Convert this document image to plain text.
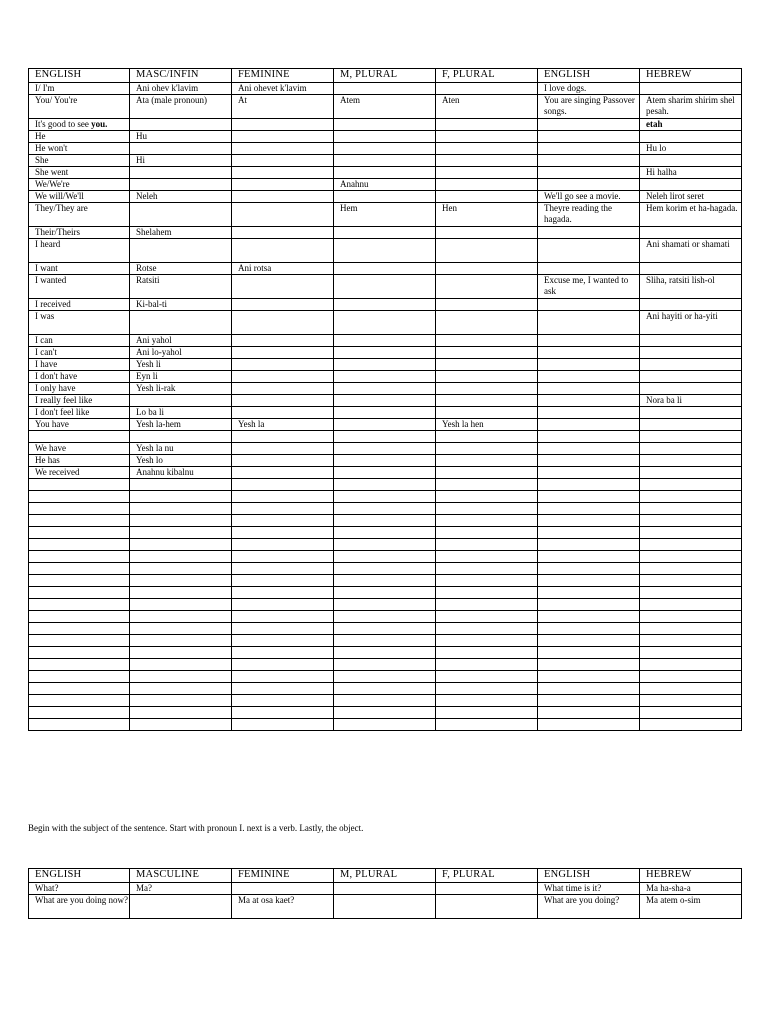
ENGLISH	MASC/INFIN	FEMININE	M, PLURAL	F, PLURAL	ENGLISH	HEBREW
I/ I'm	Ani ohev k'lavim	Ani ohevet k'lavim			I love dogs.	
You/ You're	Ata (male pronoun)	At	Atem	Aten	You are singing Passover songs.	Atem sharim shirim shel pesah.
It's good to see you.						etah
He	Hu					
He won't						Hu lo
She	Hi					
She went						Hi halha
We/We're			Anahnu			
We will/We'll	Neleh				We'll go see a movie.	Neleh lirot seret
They/They are			Hem	Hen	Theyre reading the hagada.	Hem korim et ha-hagada.
Their/Theirs	Shelahem					
I heard						Ani shamati or shamati
I want	Rotse	Ani rotsa				
I wanted	Ratsiti				Excuse me, I wanted to ask	Sliha, ratsiti lish-ol
I received	Ki-bal-ti					
I was						Ani hayiti or ha-yiti
I can	Ani yahol					
I can't	Ani lo-yahol					
I have	Yesh li					
I don't have	Eyn li					
I only have	Yesh li-rak					
I really feel like						Nora ba li
I don't feel like	Lo ba li					
You have	Yesh la-hem	Yesh la		Yesh la hen		

We have	Yesh la nu					
He has	Yesh lo					
We received	Anahnu kibalnu					

Begin with the subject of the sentence. Start with pronoun I. next is a verb. Lastly, the object.
ENGLISH	MASCULINE	FEMININE	M, PLURAL	F, PLURAL	ENGLISH	HEBREW
What?	Ma?				What time is it?	Ma ha-sha-a
What are you doing now?		Ma at osa kaet?			What are you doing?	Ma atem o-sim
